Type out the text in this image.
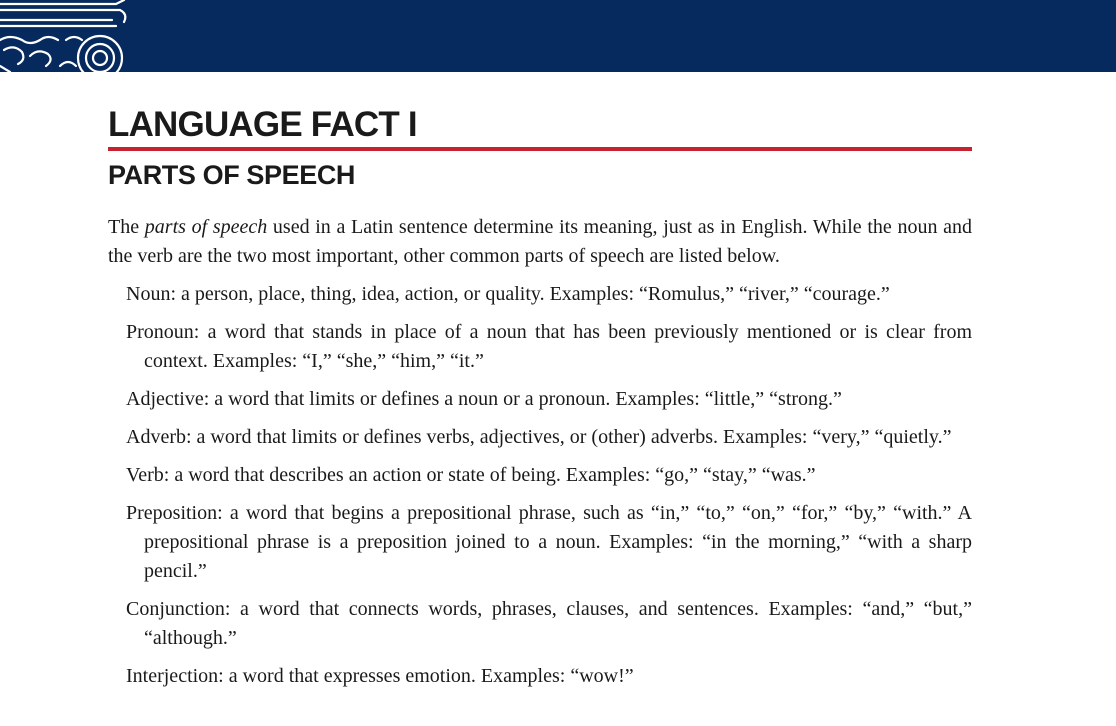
LANGUAGE FACT I
PARTS OF SPEECH

The parts of speech used in a Latin sentence determine its meaning, just as in English. While the noun and the verb are the two most important, other common parts of speech are listed below.

Noun: a person, place, thing, idea, action, or quality. Examples: “Romulus,” “river,” “courage.”
Pronoun: a word that stands in place of a noun that has been previously mentioned or is clear from context. Examples: “I,” “she,” “him,” “it.”
Adjective: a word that limits or defines a noun or a pronoun. Examples: “little,” “strong.”
Adverb: a word that limits or defines verbs, adjectives, or (other) adverbs. Examples: “very,” “quietly.”
Verb: a word that describes an action or state of being. Examples: “go,” “stay,” “was.”
Preposition: a word that begins a prepositional phrase, such as “in,” “to,” “on,” “for,” “by,” “with.” A prepositional phrase is a preposition joined to a noun. Examples: “in the morning,” “with a sharp pencil.”
Conjunction: a word that connects words, phrases, clauses, and sentences. Examples: “and,” “but,” “although.”
Interjection: a word that expresses emotion. Examples: “wow!”
